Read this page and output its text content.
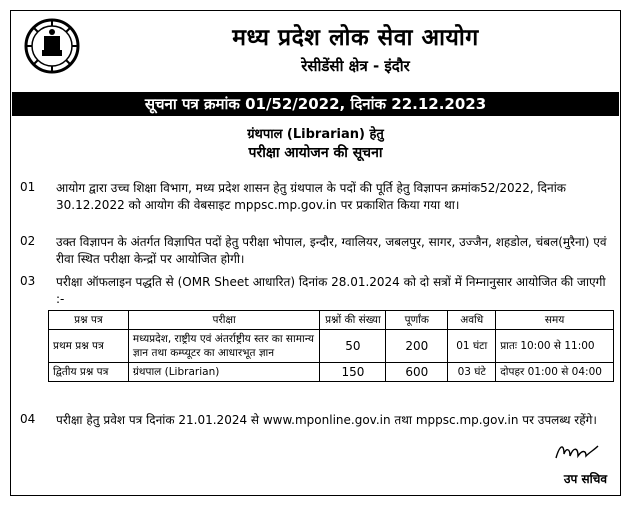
मध्य प्रदेश लोक सेवा आयोग
रेसीडेंसी क्षेत्र - इंदौर
सूचना पत्र क्रमांक 01/52/2022, दिनांक 22.12.2023
ग्रंथपाल (Librarian) हेतु
परीक्षा आयोजन की सूचना
01 आयोग द्वारा उच्च शिक्षा विभाग, मध्य प्रदेश शासन हेतु ग्रंथपाल के पदों की पूर्ति हेतु विज्ञापन क्रमांक52/2022, दिनांक 30.12.2022 को आयोग की वेबसाइट mppsc.mp.gov.in पर प्रकाशित किया गया था।
02 उक्त विज्ञापन के अंतर्गत विज्ञापित पदों हेतु परीक्षा भोपाल, इन्दौर, ग्वालियर, जबलपुर, सागर, उज्जैन, शहडोल, चंबल(मुरैना) एवं रीवा स्थित परीक्षा केन्द्रों पर आयोजित होगी।
03 परीक्षा ऑफलाइन पद्धति से (OMR Sheet आधारित) दिनांक 28.01.2024 को दो सत्रों में निम्नानुसार आयोजित की जाएगी :-
प्रश्न पत्र	परीक्षा	प्रश्नों की संख्या	पूर्णांक	अवधि	समय
प्रथम प्रश्न पत्र	मध्यप्रदेश, राष्ट्रीय एवं अंतर्राष्ट्रीय स्तर का सामान्य ज्ञान तथा कम्प्यूटर का आधारभूत ज्ञान	50	200	01 घंटा	प्रातः 10:00 से 11:00
द्वितीय प्रश्न पत्र	ग्रंथपाल (Librarian)	150	600	03 घंटे	दोपहर 01:00 से 04:00
04 परीक्षा हेतु प्रवेश पत्र दिनांक 21.01.2024 से www.mponline.gov.in तथा mppsc.mp.gov.in पर उपलब्ध रहेंगे।
उप सचिव
